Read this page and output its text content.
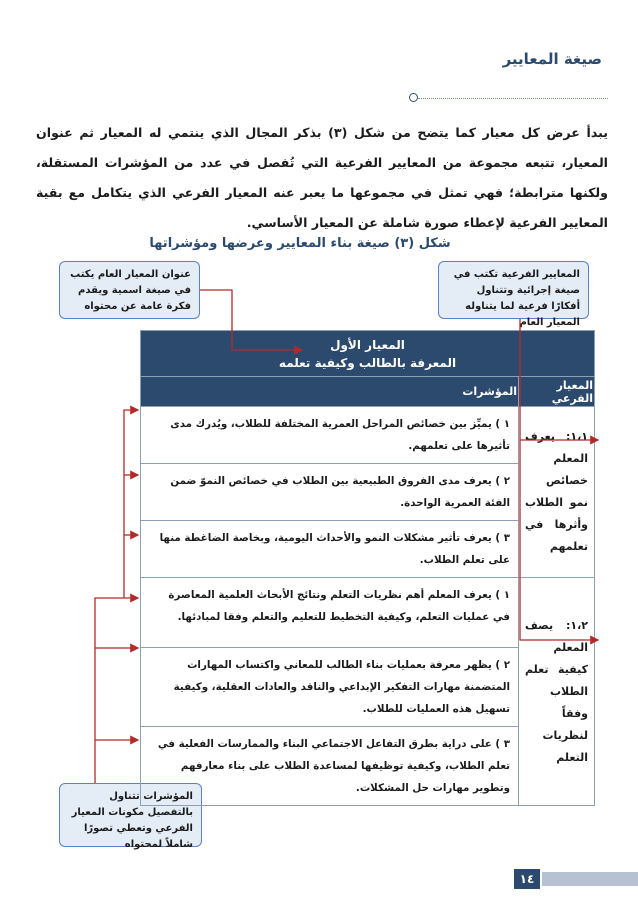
صيغة المعايير
يبدأ عرض كل معيار كما يتضح من شكل (٣) بذكر المجال الذي ينتمي له المعيار ثم عنوان المعيار، تتبعه مجموعة من المعايير الفرعية التي تُفصل في عدد من المؤشرات المستقلة، ولكنها مترابطة؛ فهي تمثل في مجموعها ما يعبر عنه المعيار الفرعي الذي يتكامل مع بقية المعايير الفرعية لإعطاء صورة شاملة عن المعيار الأساسي.
شكل (٣) صيغة بناء المعايير وعرضها ومؤشراتها
المعايير الفرعية تكتب في صيغة إجرائية وتتناول أفكارًا فرعية لما يتناوله المعيار العام
عنوان المعيار العام يكتب في صيغة اسمية ويقدم فكرة عامة عن محتواه
المؤشرات تتناول بالتفصيل مكونات المعيار الفرعي وتعطي تصورًا شاملاً لمحتواه
المعيار الأول
المعرفة بالطالب وكيفية تعلمه	

المعيار الفرعي	المؤشرات
١،١: يعرف المعلم خصائص نمو الطلاب وأثرها في تعلمهم	١ ) يميِّز بين خصائص المراحل العمرية المختلفة للطلاب، ويُدرك مدى تأثيرها على تعلمهم.
	٢ ) يعرف مدى الفروق الطبيعية بين الطلاب في خصائص النموّ ضمن الفئة العمرية الواحدة.
	٣ ) يعرف تأثير مشكلات النمو والأحداث اليومية، وبخاصة الضاغطة منها على تعلم الطلاب.
١،٢: يصف المعلم كيفية تعلم الطلاب وفقاً لنظريات التعلم	١ ) يعرف المعلم أهم نظريات التعلم ونتائج الأبحاث العلمية المعاصرة في عمليات التعلم، وكيفية التخطيط للتعليم والتعلم وفقا لمبادئها.
	٢ ) يظهر معرفة بعمليات بناء الطالب للمعاني واكتساب المهارات المتضمنة مهارات التفكير الإبداعي والناقد والعادات العقلية، وكيفية تسهيل هذه العمليات للطلاب.
	٣ ) على دراية بطرق التفاعل الاجتماعي البناء والممارسات الفعلية في تعلم الطلاب، وكيفية توظيفها لمساعدة الطلاب على بناء معارفهم وتطوير مهارات حل المشكلات.
١٤
